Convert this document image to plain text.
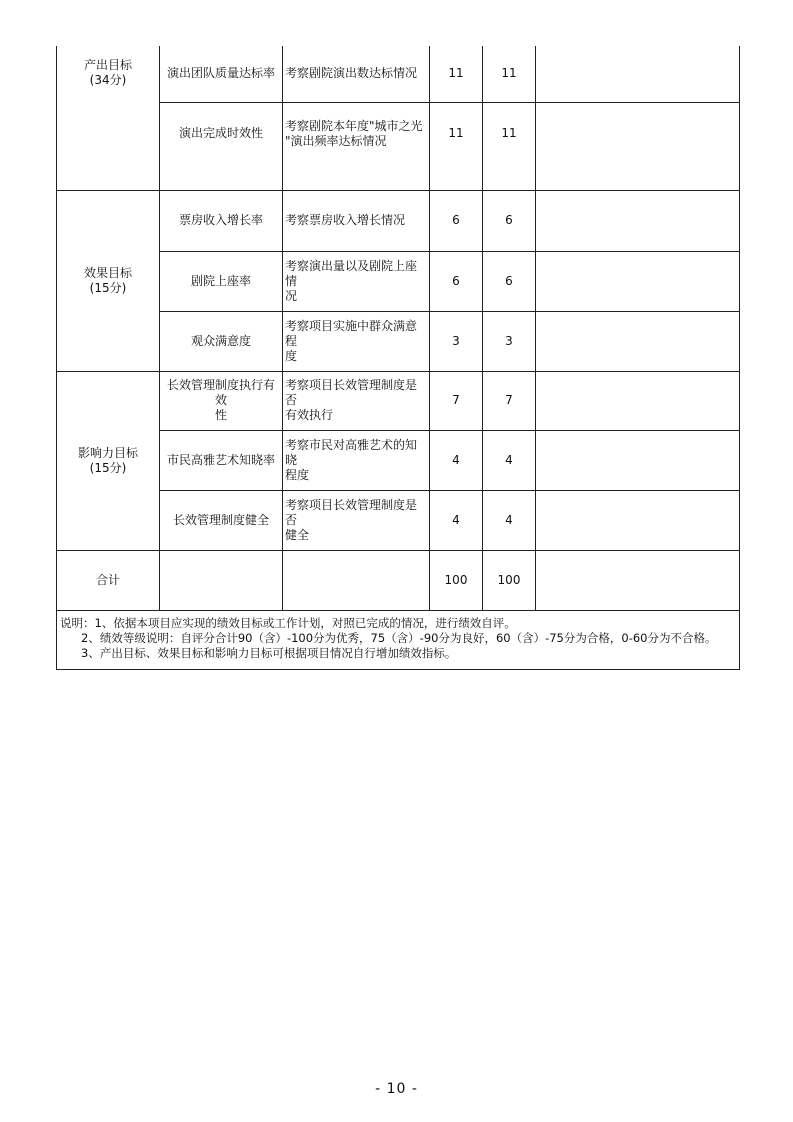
产出目标
(34分)	演出团队质量达标率	考察剧院演出数达标情况	11	11	
	演出完成时效性	考察剧院本年度"城市之光
"演出频率达标情况	11	11	

效果目标
(15分)	票房收入增长率	考察票房收入增长情况	6	6	
	剧院上座率	考察演出量以及剧院上座情
况	6	6	
	观众满意度	考察项目实施中群众满意程
度	3	3	

影响力目标
(15分)	长效管理制度执行有效
性	考察项目长效管理制度是否
有效执行	7	7	
	市民高雅艺术知晓率	考察市民对高雅艺术的知晓
程度	4	4	
	长效管理制度健全	考察项目长效管理制度是否
健全	4	4	
合计			100	100	

说明：1、依据本项目应实现的绩效目标或工作计划，对照已完成的情况，进行绩效自评。
2、绩效等级说明：自评分合计90（含）-100分为优秀，75（含）-90分为良好，60（含）-75分为合格，0-60分为不合格。
3、产出目标、效果目标和影响力目标可根据项目情况自行增加绩效指标。					
- 10 -
